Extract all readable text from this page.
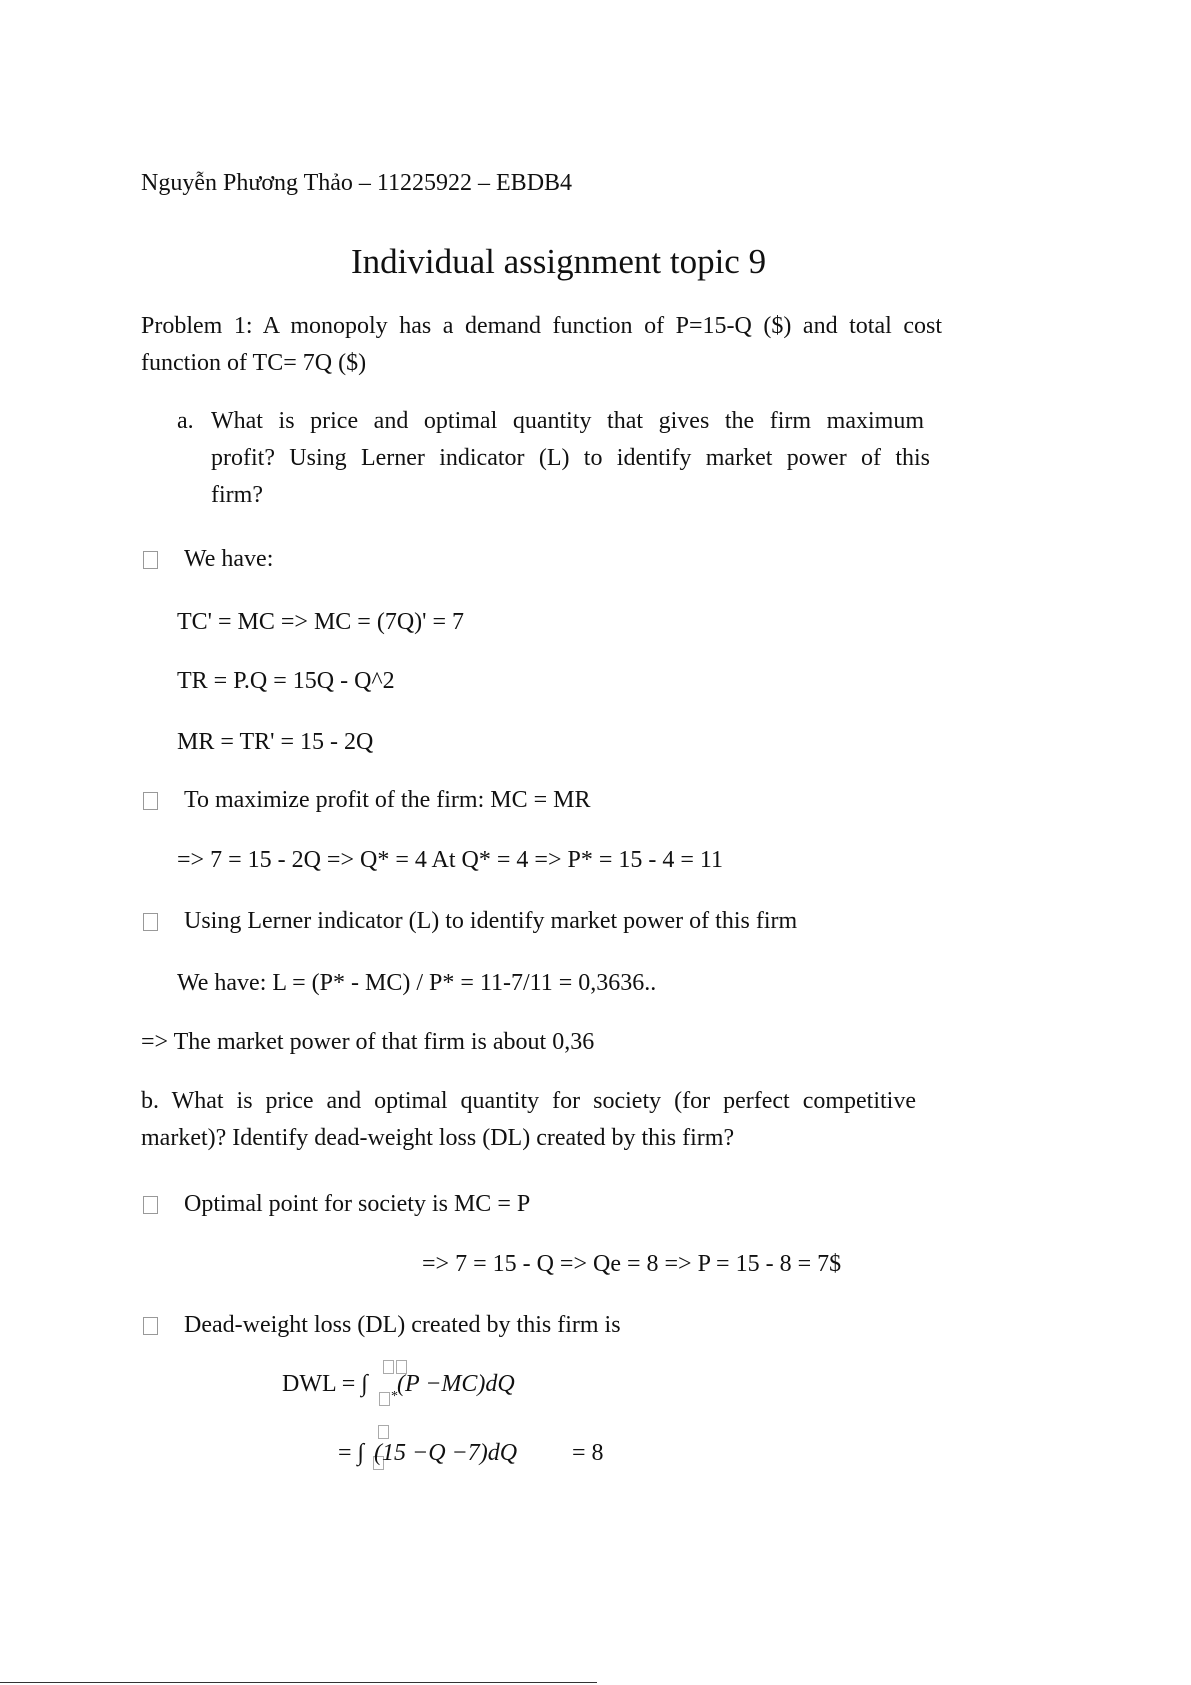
Nguyễn Phương Thảo – 11225922 – EBDB4
Individual assignment topic 9
Problem 1: A monopoly has a demand function of P=15-Q ($) and total cost
function of TC= 7Q ($)
a. What is price and optimal quantity that gives the firm maximum
profit? Using Lerner indicator (L) to identify market power of this
firm?
We have:
TC' = MC => MC = (7Q)' = 7
TR = P.Q = 15Q - Q^2
MR = TR' = 15 - 2Q
To maximize profit of the firm: MC = MR
=> 7 = 15 - 2Q => Q* = 4 At Q* = 4 => P* = 15 - 4 = 11
Using Lerner indicator (L) to identify market power of this firm
We have: L = (P* - MC) / P* = 11-7/11 = 0,3636..
=> The market power of that firm is about 0,36
b. What is price and optimal quantity for society (for perfect competitive
market)? Identify dead-weight loss (DL) created by this firm?
Optimal point for society is MC = P
=> 7 = 15 - Q => Qe = 8 => P = 15 - 8 = 7$
Dead-weight loss (DL) created by this firm is
DWL = ∫ * (P −MC)dQ
= ∫ (15 −Q −7)dQ = 8
